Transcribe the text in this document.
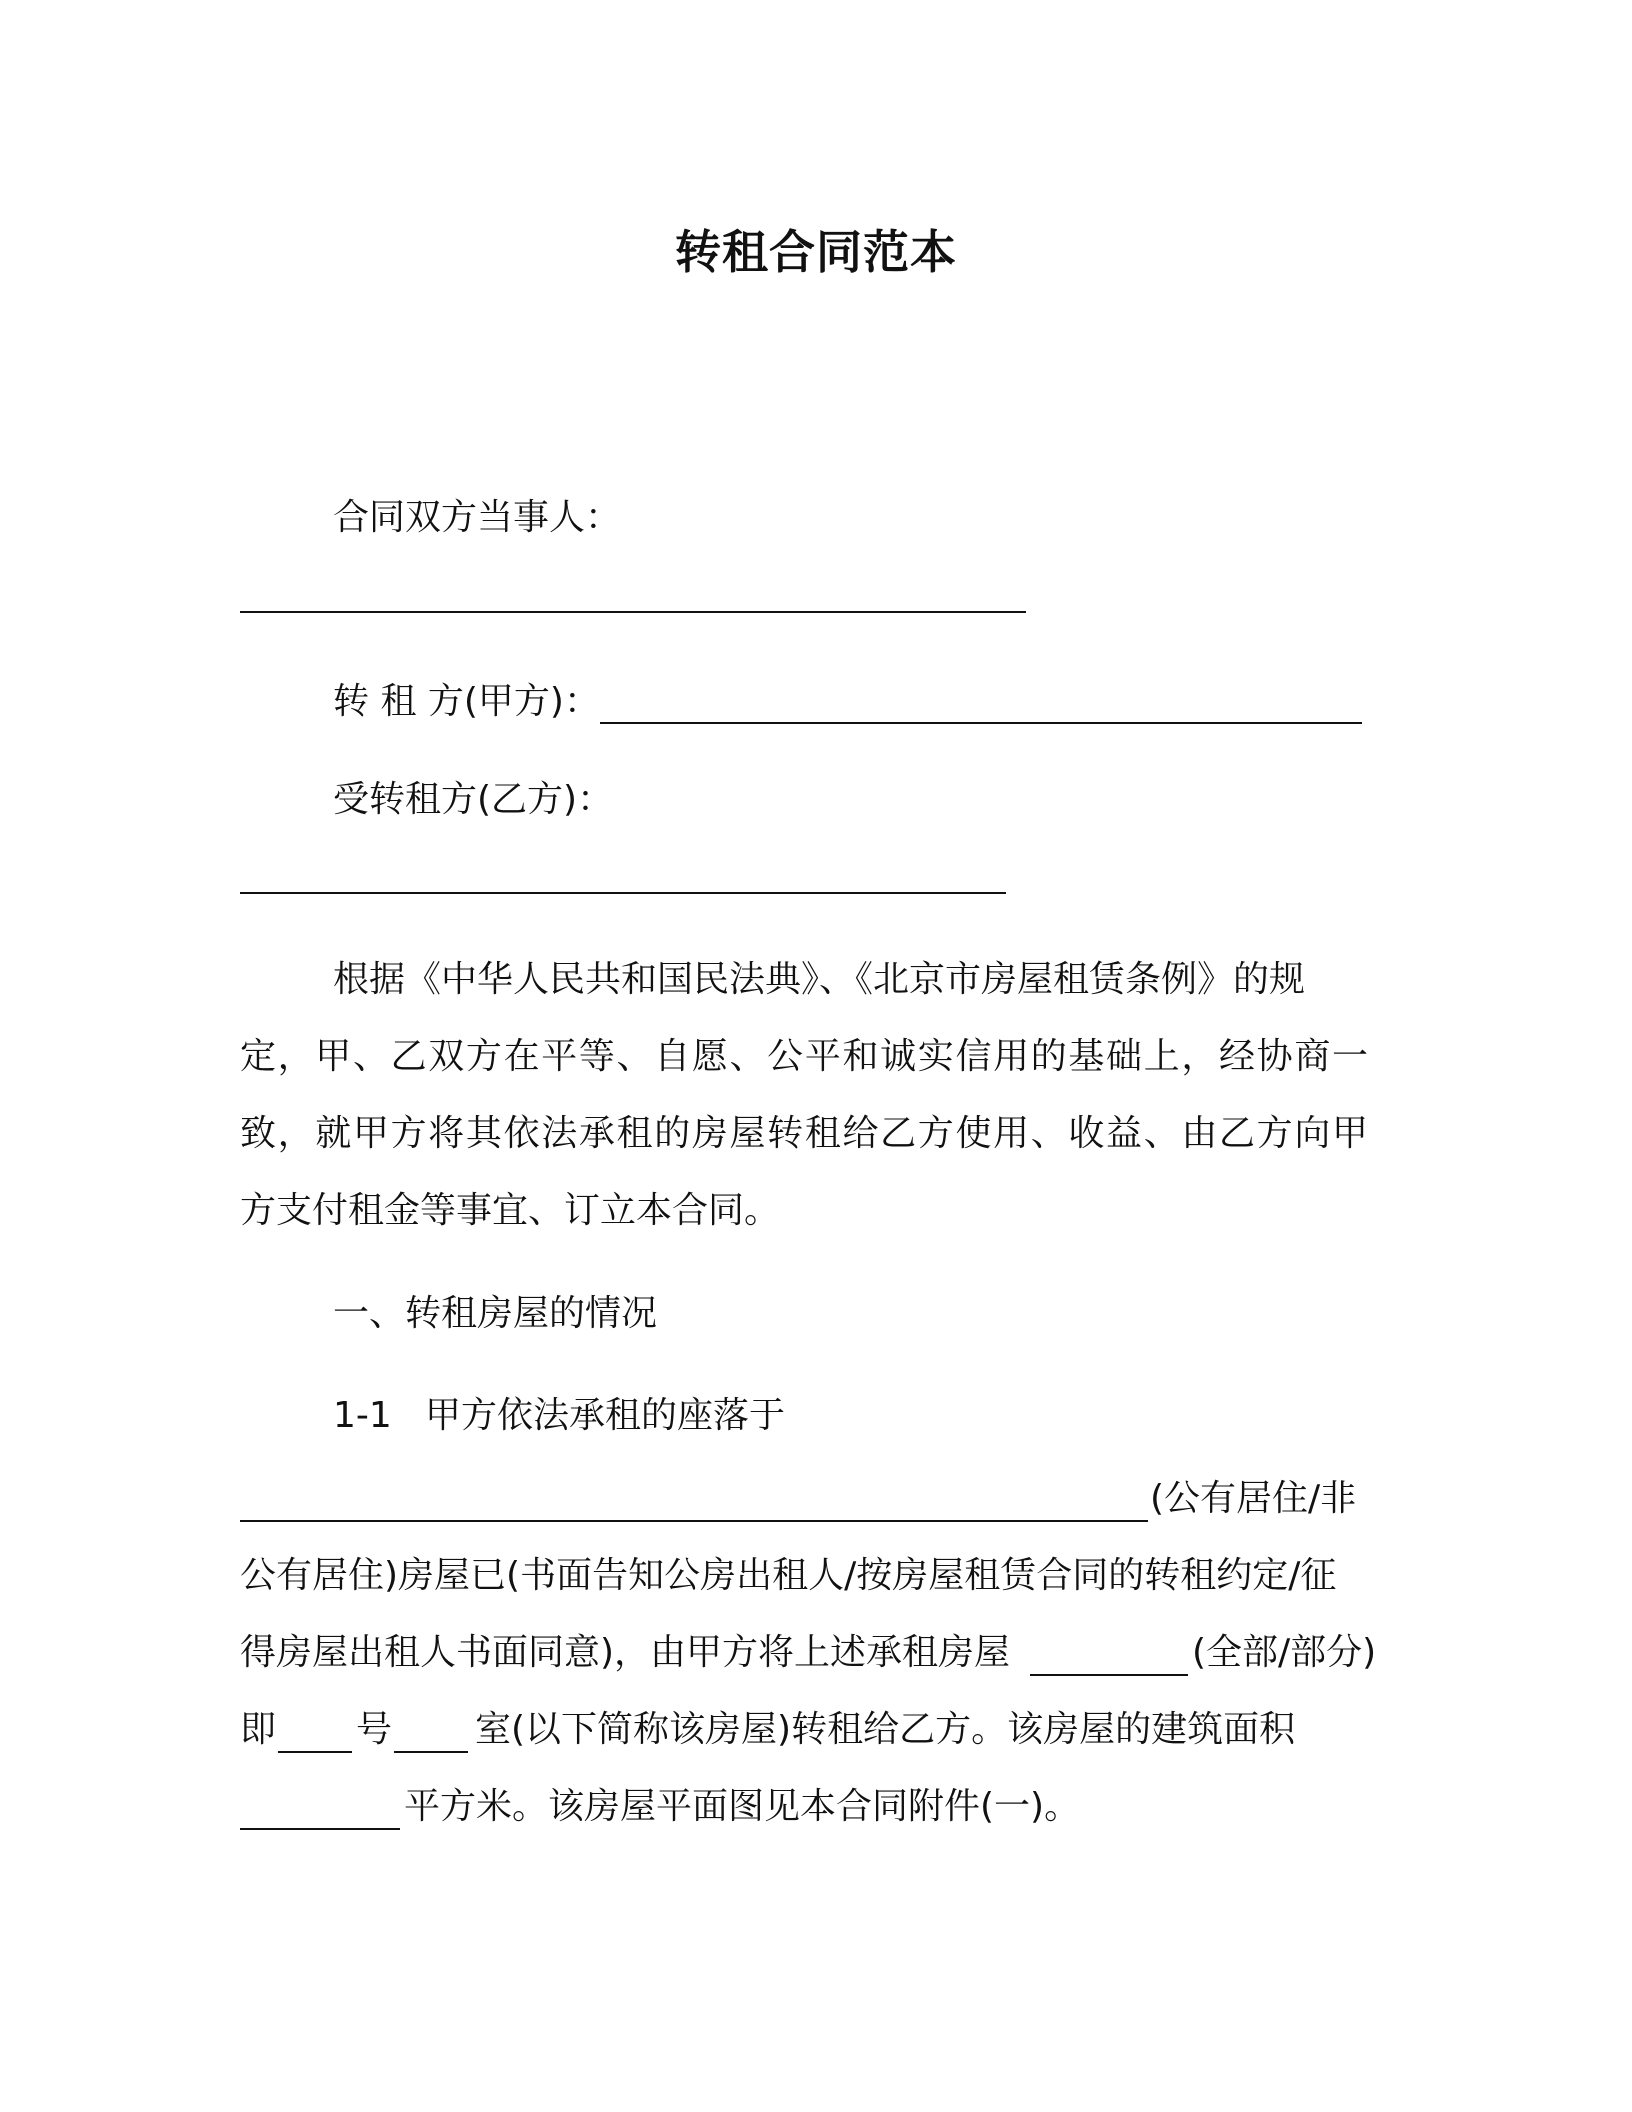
转租合同范本
合同双方当事人：
转 租 方(甲方)：
受转租方(乙方)：
根据《中华人民共和国民法典》、《北京市房屋租赁条例》的规
定，甲、乙双方在平等、自愿、公平和诚实信用的基础上，经协商一
致，就甲方将其依法承租的房屋转租给乙方使用、收益、由乙方向甲
方支付租金等事宜、订立本合同。
一、转租房屋的情况
1-1 甲方依法承租的座落于
(公有居住/非
公有居住)房屋已(书面告知公房出租人/按房屋租赁合同的转租约定/征
得房屋出租人书面同意)，由甲方将上述承租房屋	(全部/部分)
即	号	室(以下简称该房屋)转租给乙方。该房屋的建筑面积
平方米。该房屋平面图见本合同附件(一)。
